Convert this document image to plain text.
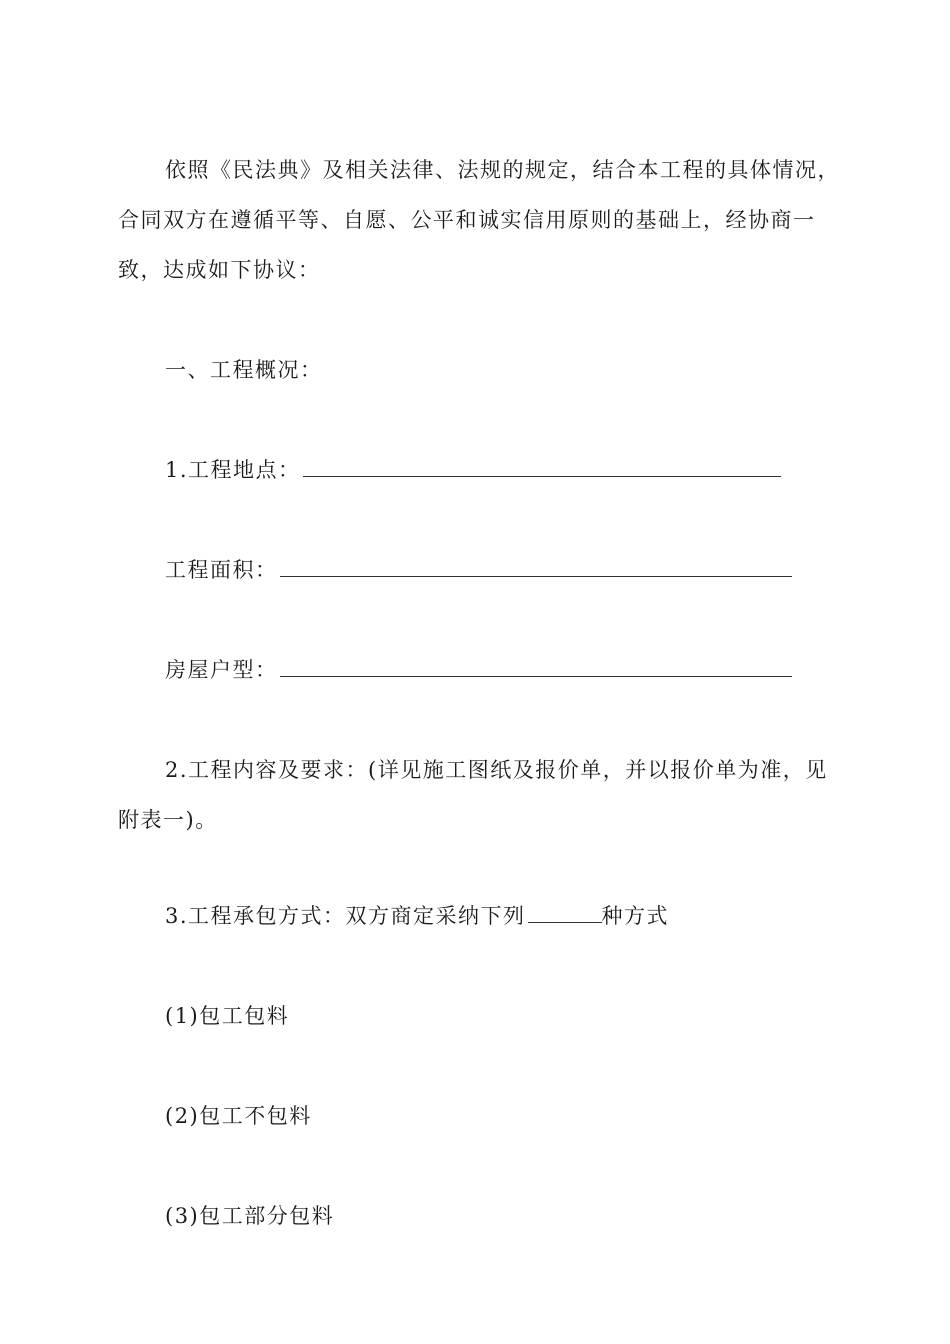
依照《民法典》及相关法律、法规的规定，结合本工程的具体情况，
合同双方在遵循平等、自愿、公平和诚实信用原则的基础上，经协商一
致，达成如下协议：
一、工程概况：
1.工程地点：
工程面积：
房屋户型：
2.工程内容及要求：(详见施工图纸及报价单，并以报价单为准，见
附表一)。
3.工程承包方式：双方商定采纳下列	种方式
(1)包工包料
(2)包工不包料
(3)包工部分包料
